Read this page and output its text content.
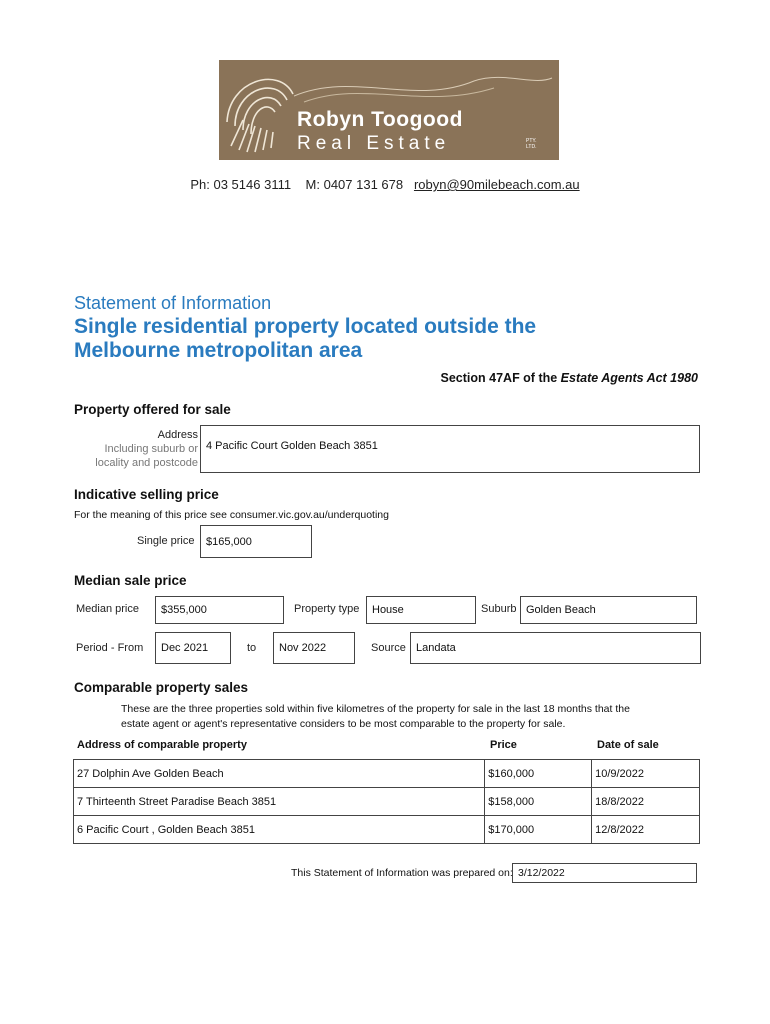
Robyn Toogood
Real Estate	PTY. LTD.
Ph: 03 5146 3111 M: 0407 131 678 robyn@90milebeach.com.au
Statement of Information
Single residential property located outside the
Melbourne metropolitan area
Section 47AF of the Estate Agents Act 1980
Property offered for sale
Address
Including suburb or
locality and postcode
4 Pacific Court Golden Beach 3851
Indicative selling price
For the meaning of this price see consumer.vic.gov.au/underquoting
Single price	$165,000
Median sale price
Median price	$355,000	Property type	House	Suburb Golden Beach
Period - From	Dec 2021	to	Nov 2022	Source Landata
Comparable property sales
These are the three properties sold within five kilometres of the property for sale in the last 18 months that the
estate agent or agent's representative considers to be most comparable to the property for sale.
Address of comparable property	Price	Date of sale
27 Dolphin Ave Golden Beach	$160,000	10/9/2022
7 Thirteenth Street Paradise Beach 3851	$158,000	18/8/2022
6 Pacific Court , Golden Beach 3851	$170,000	12/8/2022
This Statement of Information was prepared on: 3/12/2022
